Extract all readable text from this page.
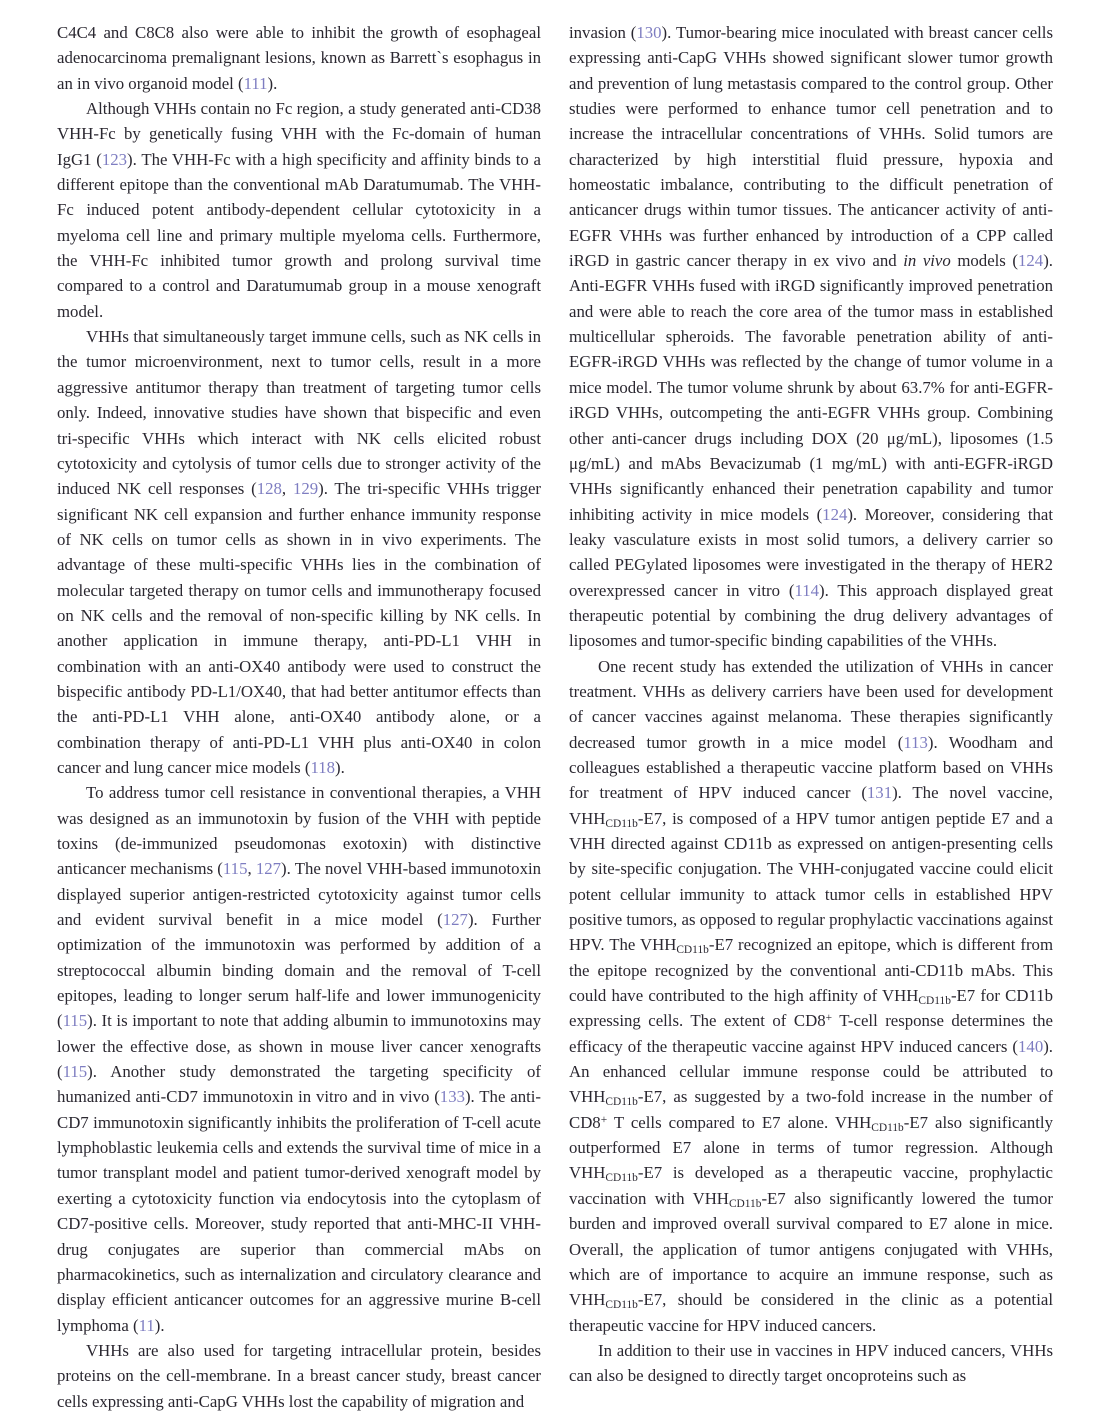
C4C4 and C8C8 also were able to inhibit the growth of esophageal adenocarcinoma premalignant lesions, known as Barrett`s esophagus in an in vivo organoid model (111).

Although VHHs contain no Fc region, a study generated anti-CD38 VHH-Fc by genetically fusing VHH with the Fc-domain of human IgG1 (123). The VHH-Fc with a high specificity and affinity binds to a different epitope than the conventional mAb Daratumumab. The VHH-Fc induced potent antibody-dependent cellular cytotoxicity in a myeloma cell line and primary multiple myeloma cells. Furthermore, the VHH-Fc inhibited tumor growth and prolong survival time compared to a control and Daratumumab group in a mouse xenograft model.

VHHs that simultaneously target immune cells, such as NK cells in the tumor microenvironment, next to tumor cells, result in a more aggressive antitumor therapy than treatment of targeting tumor cells only. Indeed, innovative studies have shown that bispecific and even tri-specific VHHs which interact with NK cells elicited robust cytotoxicity and cytolysis of tumor cells due to stronger activity of the induced NK cell responses (128, 129). The tri-specific VHHs trigger significant NK cell expansion and further enhance immunity response of NK cells on tumor cells as shown in in vivo experiments. The advantage of these multi-specific VHHs lies in the combination of molecular targeted therapy on tumor cells and immunotherapy focused on NK cells and the removal of non-specific killing by NK cells. In another application in immune therapy, anti-PD-L1 VHH in combination with an anti-OX40 antibody were used to construct the bispecific antibody PD-L1/OX40, that had better antitumor effects than the anti-PD-L1 VHH alone, anti-OX40 antibody alone, or a combination therapy of anti-PD-L1 VHH plus anti-OX40 in colon cancer and lung cancer mice models (118).

To address tumor cell resistance in conventional therapies, a VHH was designed as an immunotoxin by fusion of the VHH with peptide toxins (de-immunized pseudomonas exotoxin) with distinctive anticancer mechanisms (115, 127). The novel VHH-based immunotoxin displayed superior antigen-restricted cytotoxicity against tumor cells and evident survival benefit in a mice model (127). Further optimization of the immunotoxin was performed by addition of a streptococcal albumin binding domain and the removal of T-cell epitopes, leading to longer serum half-life and lower immunogenicity (115). It is important to note that adding albumin to immunotoxins may lower the effective dose, as shown in mouse liver cancer xenografts (115). Another study demonstrated the targeting specificity of humanized anti-CD7 immunotoxin in vitro and in vivo (133). The anti-CD7 immunotoxin significantly inhibits the proliferation of T-cell acute lymphoblastic leukemia cells and extends the survival time of mice in a tumor transplant model and patient tumor-derived xenograft model by exerting a cytotoxicity function via endocytosis into the cytoplasm of CD7-positive cells. Moreover, study reported that anti-MHC-II VHH-drug conjugates are superior than commercial mAbs on pharmacokinetics, such as internalization and circulatory clearance and display efficient anticancer outcomes for an aggressive murine B-cell lymphoma (11).

VHHs are also used for targeting intracellular protein, besides proteins on the cell-membrane. In a breast cancer study, breast cancer cells expressing anti-CapG VHHs lost the capability of migration and

invasion (130). Tumor-bearing mice inoculated with breast cancer cells expressing anti-CapG VHHs showed significant slower tumor growth and prevention of lung metastasis compared to the control group. Other studies were performed to enhance tumor cell penetration and to increase the intracellular concentrations of VHHs. Solid tumors are characterized by high interstitial fluid pressure, hypoxia and homeostatic imbalance, contributing to the difficult penetration of anticancer drugs within tumor tissues. The anticancer activity of anti-EGFR VHHs was further enhanced by introduction of a CPP called iRGD in gastric cancer therapy in ex vivo and in vivo models (124). Anti-EGFR VHHs fused with iRGD significantly improved penetration and were able to reach the core area of the tumor mass in established multicellular spheroids. The favorable penetration ability of anti-EGFR-iRGD VHHs was reflected by the change of tumor volume in a mice model. The tumor volume shrunk by about 63.7% for anti-EGFR-iRGD VHHs, outcompeting the anti-EGFR VHHs group. Combining other anti-cancer drugs including DOX (20 μg/mL), liposomes (1.5 μg/mL) and mAbs Bevacizumab (1 mg/mL) with anti-EGFR-iRGD VHHs significantly enhanced their penetration capability and tumor inhibiting activity in mice models (124). Moreover, considering that leaky vasculature exists in most solid tumors, a delivery carrier so called PEGylated liposomes were investigated in the therapy of HER2 overexpressed cancer in vitro (114). This approach displayed great therapeutic potential by combining the drug delivery advantages of liposomes and tumor-specific binding capabilities of the VHHs.

One recent study has extended the utilization of VHHs in cancer treatment. VHHs as delivery carriers have been used for development of cancer vaccines against melanoma. These therapies significantly decreased tumor growth in a mice model (113). Woodham and colleagues established a therapeutic vaccine platform based on VHHs for treatment of HPV induced cancer (131). The novel vaccine, $VHH_{CD11b}-E7$, is composed of a HPV tumor antigen peptide E7 and a VHH directed against CD11b as expressed on antigen-presenting cells by site-specific conjugation. The VHH-conjugated vaccine could elicit potent cellular immunity to attack tumor cells in established HPV positive tumors, as opposed to regular prophylactic vaccinations against HPV. The $VHH_{CD11b}-E7$ recognized an epitope, which is different from the epitope recognized by the conventional anti-CD11b mAbs. This could have contributed to the high affinity of $VHH_{CD11b}-E7$ for CD11b expressing cells. The extent of CD8+ T-cell response determines the efficacy of the therapeutic vaccine against HPV induced cancers (140). An enhanced cellular immune response could be attributed to $VHH_{CD11b}-E7$, as suggested by a two-fold increase in the number of CD8+ T cells compared to E7 alone. $VHH_{CD11b}-E7$ also significantly outperformed E7 alone in terms of tumor regression. Although $VHH_{CD11b}-E7$ is developed as a therapeutic vaccine, prophylactic vaccination with $VHH_{CD11b}-E7$ also significantly lowered the tumor burden and improved overall survival compared to E7 alone in mice. Overall, the application of tumor antigens conjugated with VHHs, which are of importance to acquire an immune response, such as $VHH_{CD11b}-E7$, should be considered in the clinic as a potential therapeutic vaccine for HPV induced cancers.

In addition to their use in vaccines in HPV induced cancers, VHHs can also be designed to directly target oncoproteins such as
